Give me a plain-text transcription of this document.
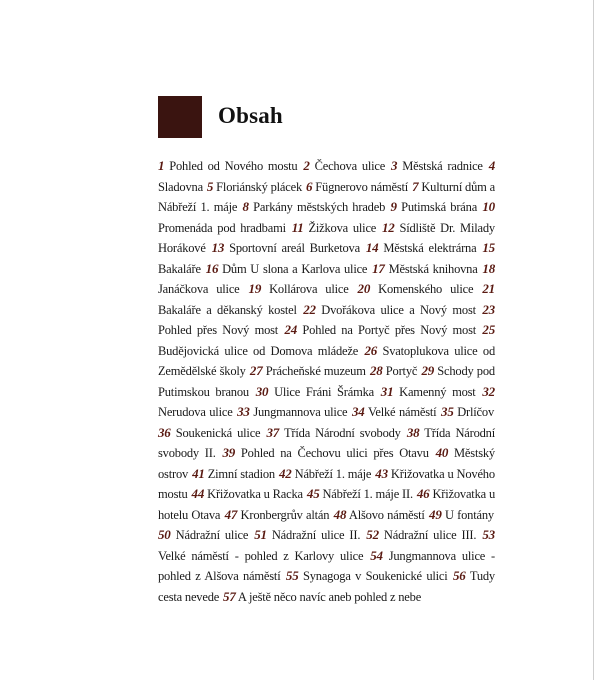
Obsah
1 Pohled od Nového mostu 2 Čechova ulice 3 Městská radnice 4 Sladovna 5 Floriánský plácek 6 Fügnerovo náměstí 7 Kulturní dům a Nábřeží 1. máje 8 Parkány městských hradeb 9 Putimská brána 10 Promenáda pod hradbami 11 Žižkova ulice 12 Sídliště Dr. Milady Horákové 13 Sportovní areál Burketova 14 Městská elektrárna 15 Bakaláře 16 Dům U slona a Karlova ulice 17 Městská knihovna 18 Janáčkova ulice 19 Kollárova ulice 20 Komenského ulice 21 Bakaláře a děkanský kostel 22 Dvořákova ulice a Nový most 23 Pohled přes Nový most 24 Pohled na Portyč přes Nový most 25 Budějovická ulice od Domova mládeže 26 Svatoplukova ulice od Zemědělské školy 27 Prácheňské muzeum 28 Portyč 29 Schody pod Putimskou branou 30 Ulice Fráni Šrámka 31 Kamenný most 32 Nerudova ulice 33 Jungmannova ulice 34 Velké náměstí 35 Drlíčov 36 Soukenická ulice 37 Třída Národní svobody 38 Třída Národní svobody II. 39 Pohled na Čechovu ulici přes Otavu 40 Městský ostrov 41 Zimní stadion 42 Nábřeží 1. máje 43 Křižovatka u Nového mostu 44 Křižovatka u Racka 45 Nábřeží 1. máje II. 46 Křižovatka u hotelu Otava 47 Kronbergrův altán 48 Alšovo náměstí 49 U fontány 50 Nádražní ulice 51 Nádražní ulice II. 52 Nádražní ulice III. 53 Velké náměstí - pohled z Karlovy ulice 54 Jungmannova ulice - pohled z Alšova náměstí 55 Synagoga v Soukenické ulici 56 Tudy cesta nevede 57 A ještě něco navíc aneb pohled z nebe
